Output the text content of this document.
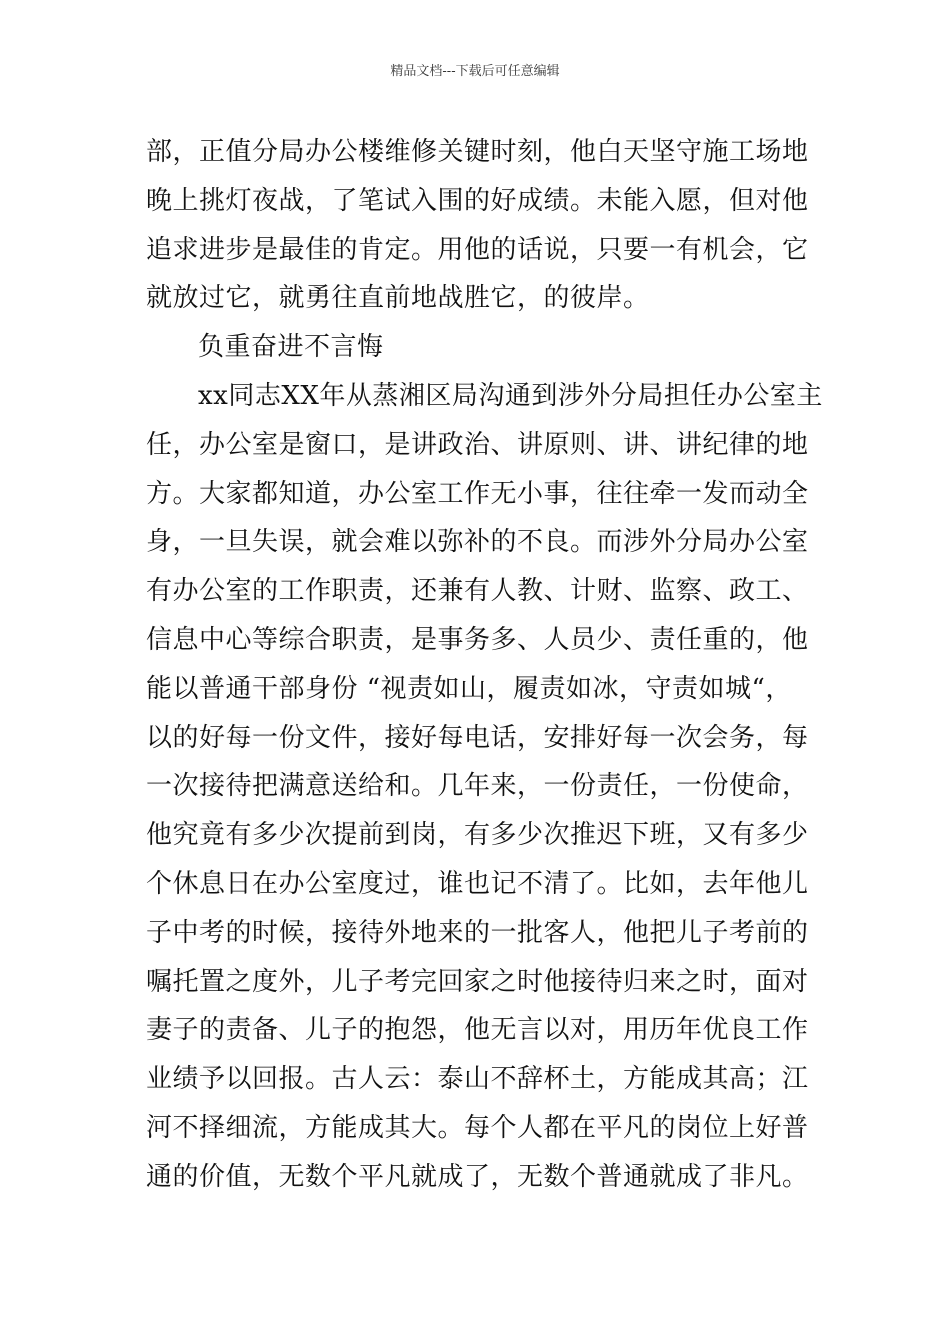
精品文档---下载后可任意编辑
部，正值分局办公楼维修关键时刻，他白天坚守施工场地
晚上挑灯夜战，了笔试入围的好成绩。未能入愿，但对他
追求进步是最佳的肯定。用他的话说，只要一有机会，它
就放过它，就勇往直前地战胜它，的彼岸。
负重奋进不言悔
xx同志XX年从蒸湘区局沟通到涉外分局担任办公室主
任，办公室是窗口，是讲政治、讲原则、讲、讲纪律的地
方。大家都知道，办公室工作无小事，往往牵一发而动全
身，一旦失误，就会难以弥补的不良。而涉外分局办公室
有办公室的工作职责，还兼有人教、计财、监察、政工、
信息中心等综合职责，是事务多、人员少、责任重的，他
能以普通干部身份 “视责如山，履责如冰，守责如城“，
以的好每一份文件，接好每电话，安排好每一次会务，每
一次接待把满意送给和。几年来，一份责任，一份使命，
他究竟有多少次提前到岗，有多少次推迟下班，又有多少
个休息日在办公室度过，谁也记不清了。比如，去年他儿
子中考的时候，接待外地来的一批客人，他把儿子考前的
嘱托置之度外，儿子考完回家之时他接待归来之时，面对
妻子的责备、儿子的抱怨，他无言以对，用历年优良工作
业绩予以回报。古人云：泰山不辞杯土，方能成其高；江
河不择细流，方能成其大。每个人都在平凡的岗位上好普
通的价值，无数个平凡就成了，无数个普通就成了非凡。
